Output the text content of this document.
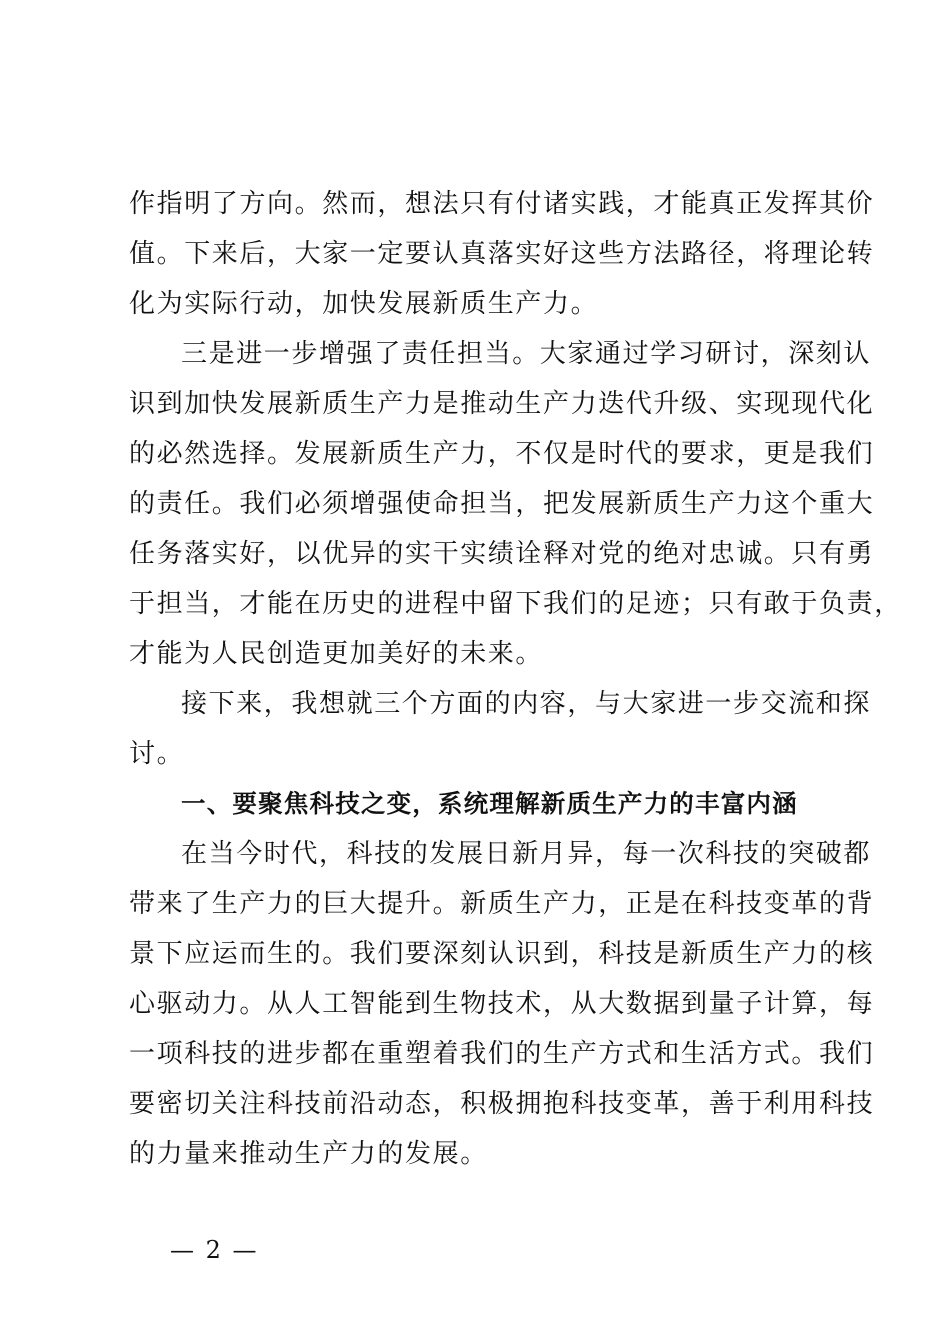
作指明了方向。然而，想法只有付诸实践，才能真正发挥其价
值。下来后，大家一定要认真落实好这些方法路径，将理论转
化为实际行动，加快发展新质生产力。
三是进一步增强了责任担当。大家通过学习研讨，深刻认
识到加快发展新质生产力是推动生产力迭代升级、实现现代化
的必然选择。发展新质生产力，不仅是时代的要求，更是我们
的责任。我们必须增强使命担当，把发展新质生产力这个重大
任务落实好，以优异的实干实绩诠释对党的绝对忠诚。只有勇
于担当，才能在历史的进程中留下我们的足迹；只有敢于负责，
才能为人民创造更加美好的未来。
接下来，我想就三个方面的内容，与大家进一步交流和探
讨。
一、要聚焦科技之变，系统理解新质生产力的丰富内涵
在当今时代，科技的发展日新月异，每一次科技的突破都
带来了生产力的巨大提升。新质生产力，正是在科技变革的背
景下应运而生的。我们要深刻认识到，科技是新质生产力的核
心驱动力。从人工智能到生物技术，从大数据到量子计算，每
一项科技的进步都在重塑着我们的生产方式和生活方式。我们
要密切关注科技前沿动态，积极拥抱科技变革，善于利用科技
的力量来推动生产力的发展。
— 2 —
